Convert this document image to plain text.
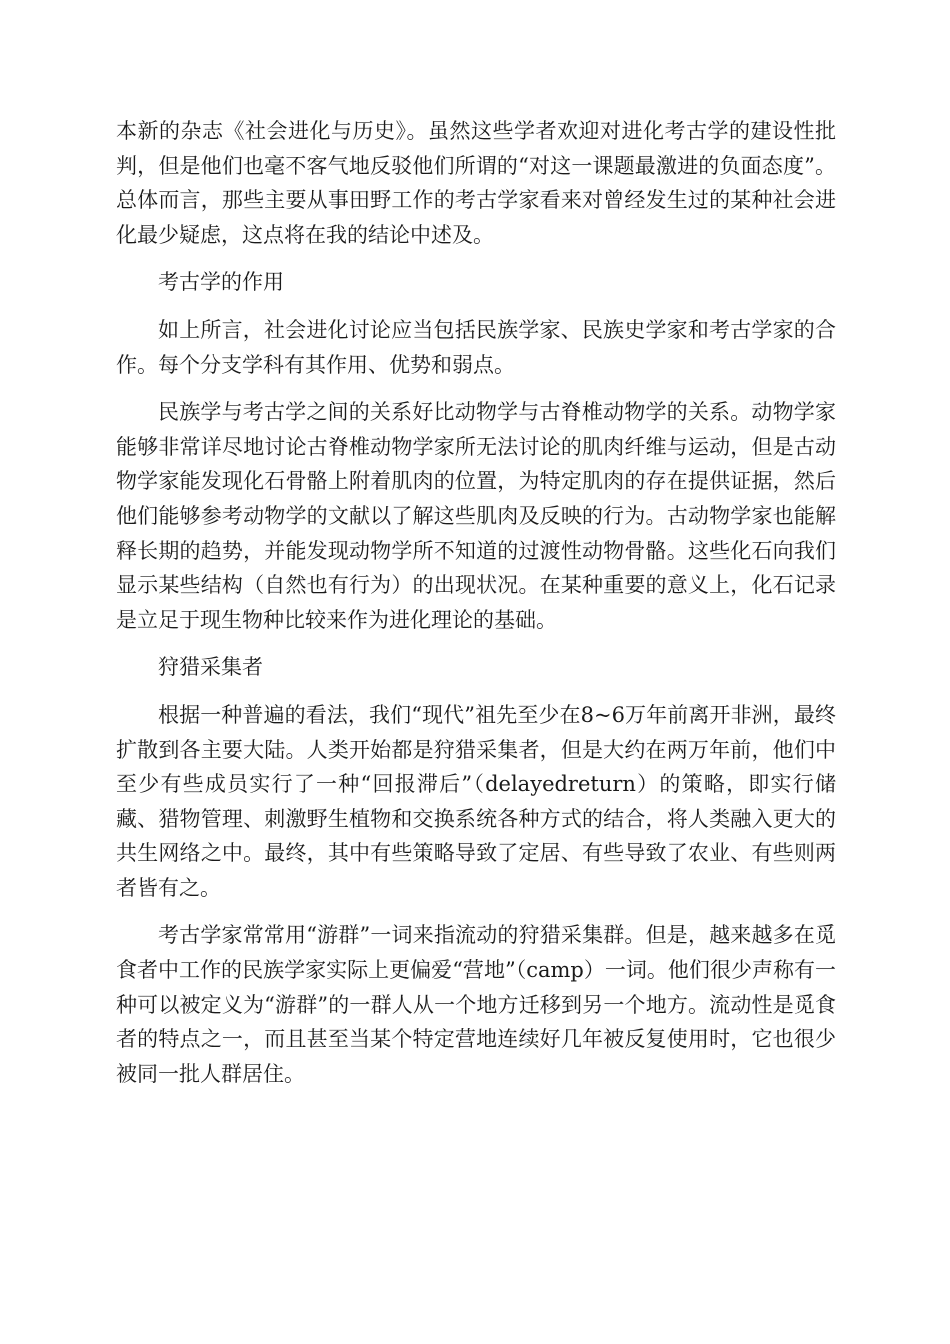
本新的杂志《社会进化与历史》。虽然这些学者欢迎对进化考古学的建设性批判，但是他们也毫不客气地反驳他们所谓的“对这一课题最激进的负面态度”。总体而言，那些主要从事田野工作的考古学家看来对曾经发生过的某种社会进化最少疑虑，这点将在我的结论中述及。

考古学的作用

如上所言，社会进化讨论应当包括民族学家、民族史学家和考古学家的合作。每个分支学科有其作用、优势和弱点。

民族学与考古学之间的关系好比动物学与古脊椎动物学的关系。动物学家能够非常详尽地讨论古脊椎动物学家所无法讨论的肌肉纤维与运动，但是古动物学家能发现化石骨骼上附着肌肉的位置，为特定肌肉的存在提供证据，然后他们能够参考动物学的文献以了解这些肌肉及反映的行为。古动物学家也能解释长期的趋势，并能发现动物学所不知道的过渡性动物骨骼。这些化石向我们显示某些结构（自然也有行为）的出现状况。在某种重要的意义上，化石记录是立足于现生物种比较来作为进化理论的基础。

狩猎采集者

根据一种普遍的看法，我们“现代”祖先至少在8~6万年前离开非洲，最终扩散到各主要大陆。人类开始都是狩猎采集者，但是大约在两万年前，他们中至少有些成员实行了一种“回报滞后”（delayedreturn）的策略，即实行储藏、猎物管理、刺激野生植物和交换系统各种方式的结合，将人类融入更大的共生网络之中。最终，其中有些策略导致了定居、有些导致了农业、有些则两者皆有之。

考古学家常常用“游群”一词来指流动的狩猎采集群。但是，越来越多在觅食者中工作的民族学家实际上更偏爱“营地”（camp）一词。他们很少声称有一种可以被定义为“游群”的一群人从一个地方迁移到另一个地方。流动性是觅食者的特点之一，而且甚至当某个特定营地连续好几年被反复使用时，它也很少被同一批人群居住。
